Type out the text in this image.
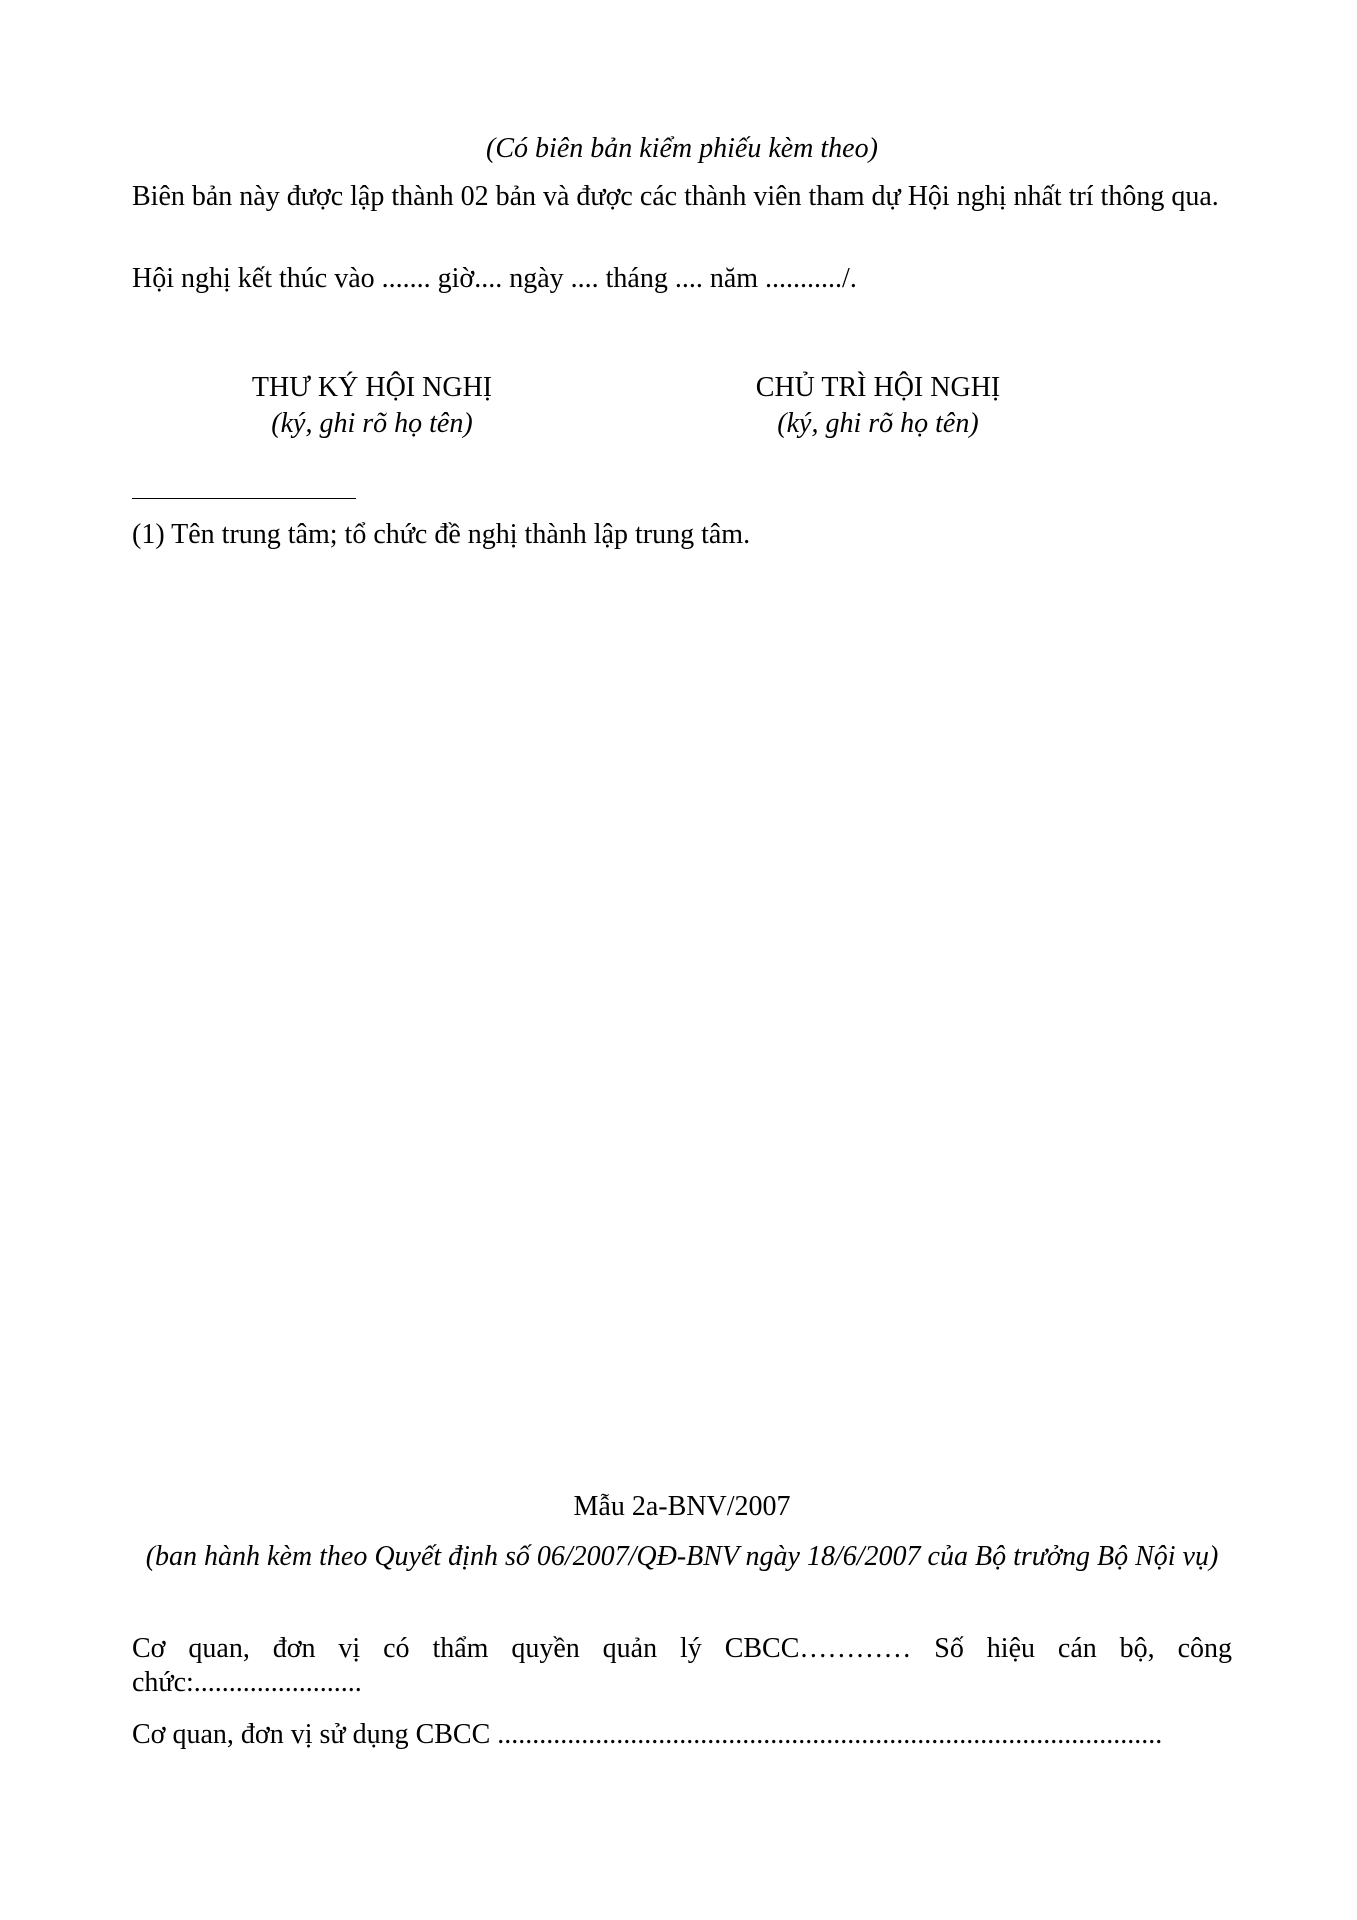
(Có biên bản kiểm phiếu kèm theo)
Biên bản này được lập thành 02 bản và được các thành viên tham dự Hội nghị nhất trí thông qua.
Hội nghị kết thúc vào ....... giờ.... ngày .... tháng .... năm .........../.
THƯ KÝ HỘI NGHỊ
(ký, ghi rõ họ tên)
CHỦ TRÌ HỘI NGHỊ
(ký, ghi rõ họ tên)
(1) Tên trung tâm; tổ chức đề nghị thành lập trung tâm.
Mẫu 2a-BNV/2007
(ban hành kèm theo Quyết định số 06/2007/QĐ-BNV ngày 18/6/2007 của Bộ trưởng Bộ Nội vụ)
Cơ quan, đơn vị có thẩm quyền quản lý CBCC………… Số hiệu cán bộ, công chức:........................
Cơ quan, đơn vị sử dụng CBCC ...............................................................................................
